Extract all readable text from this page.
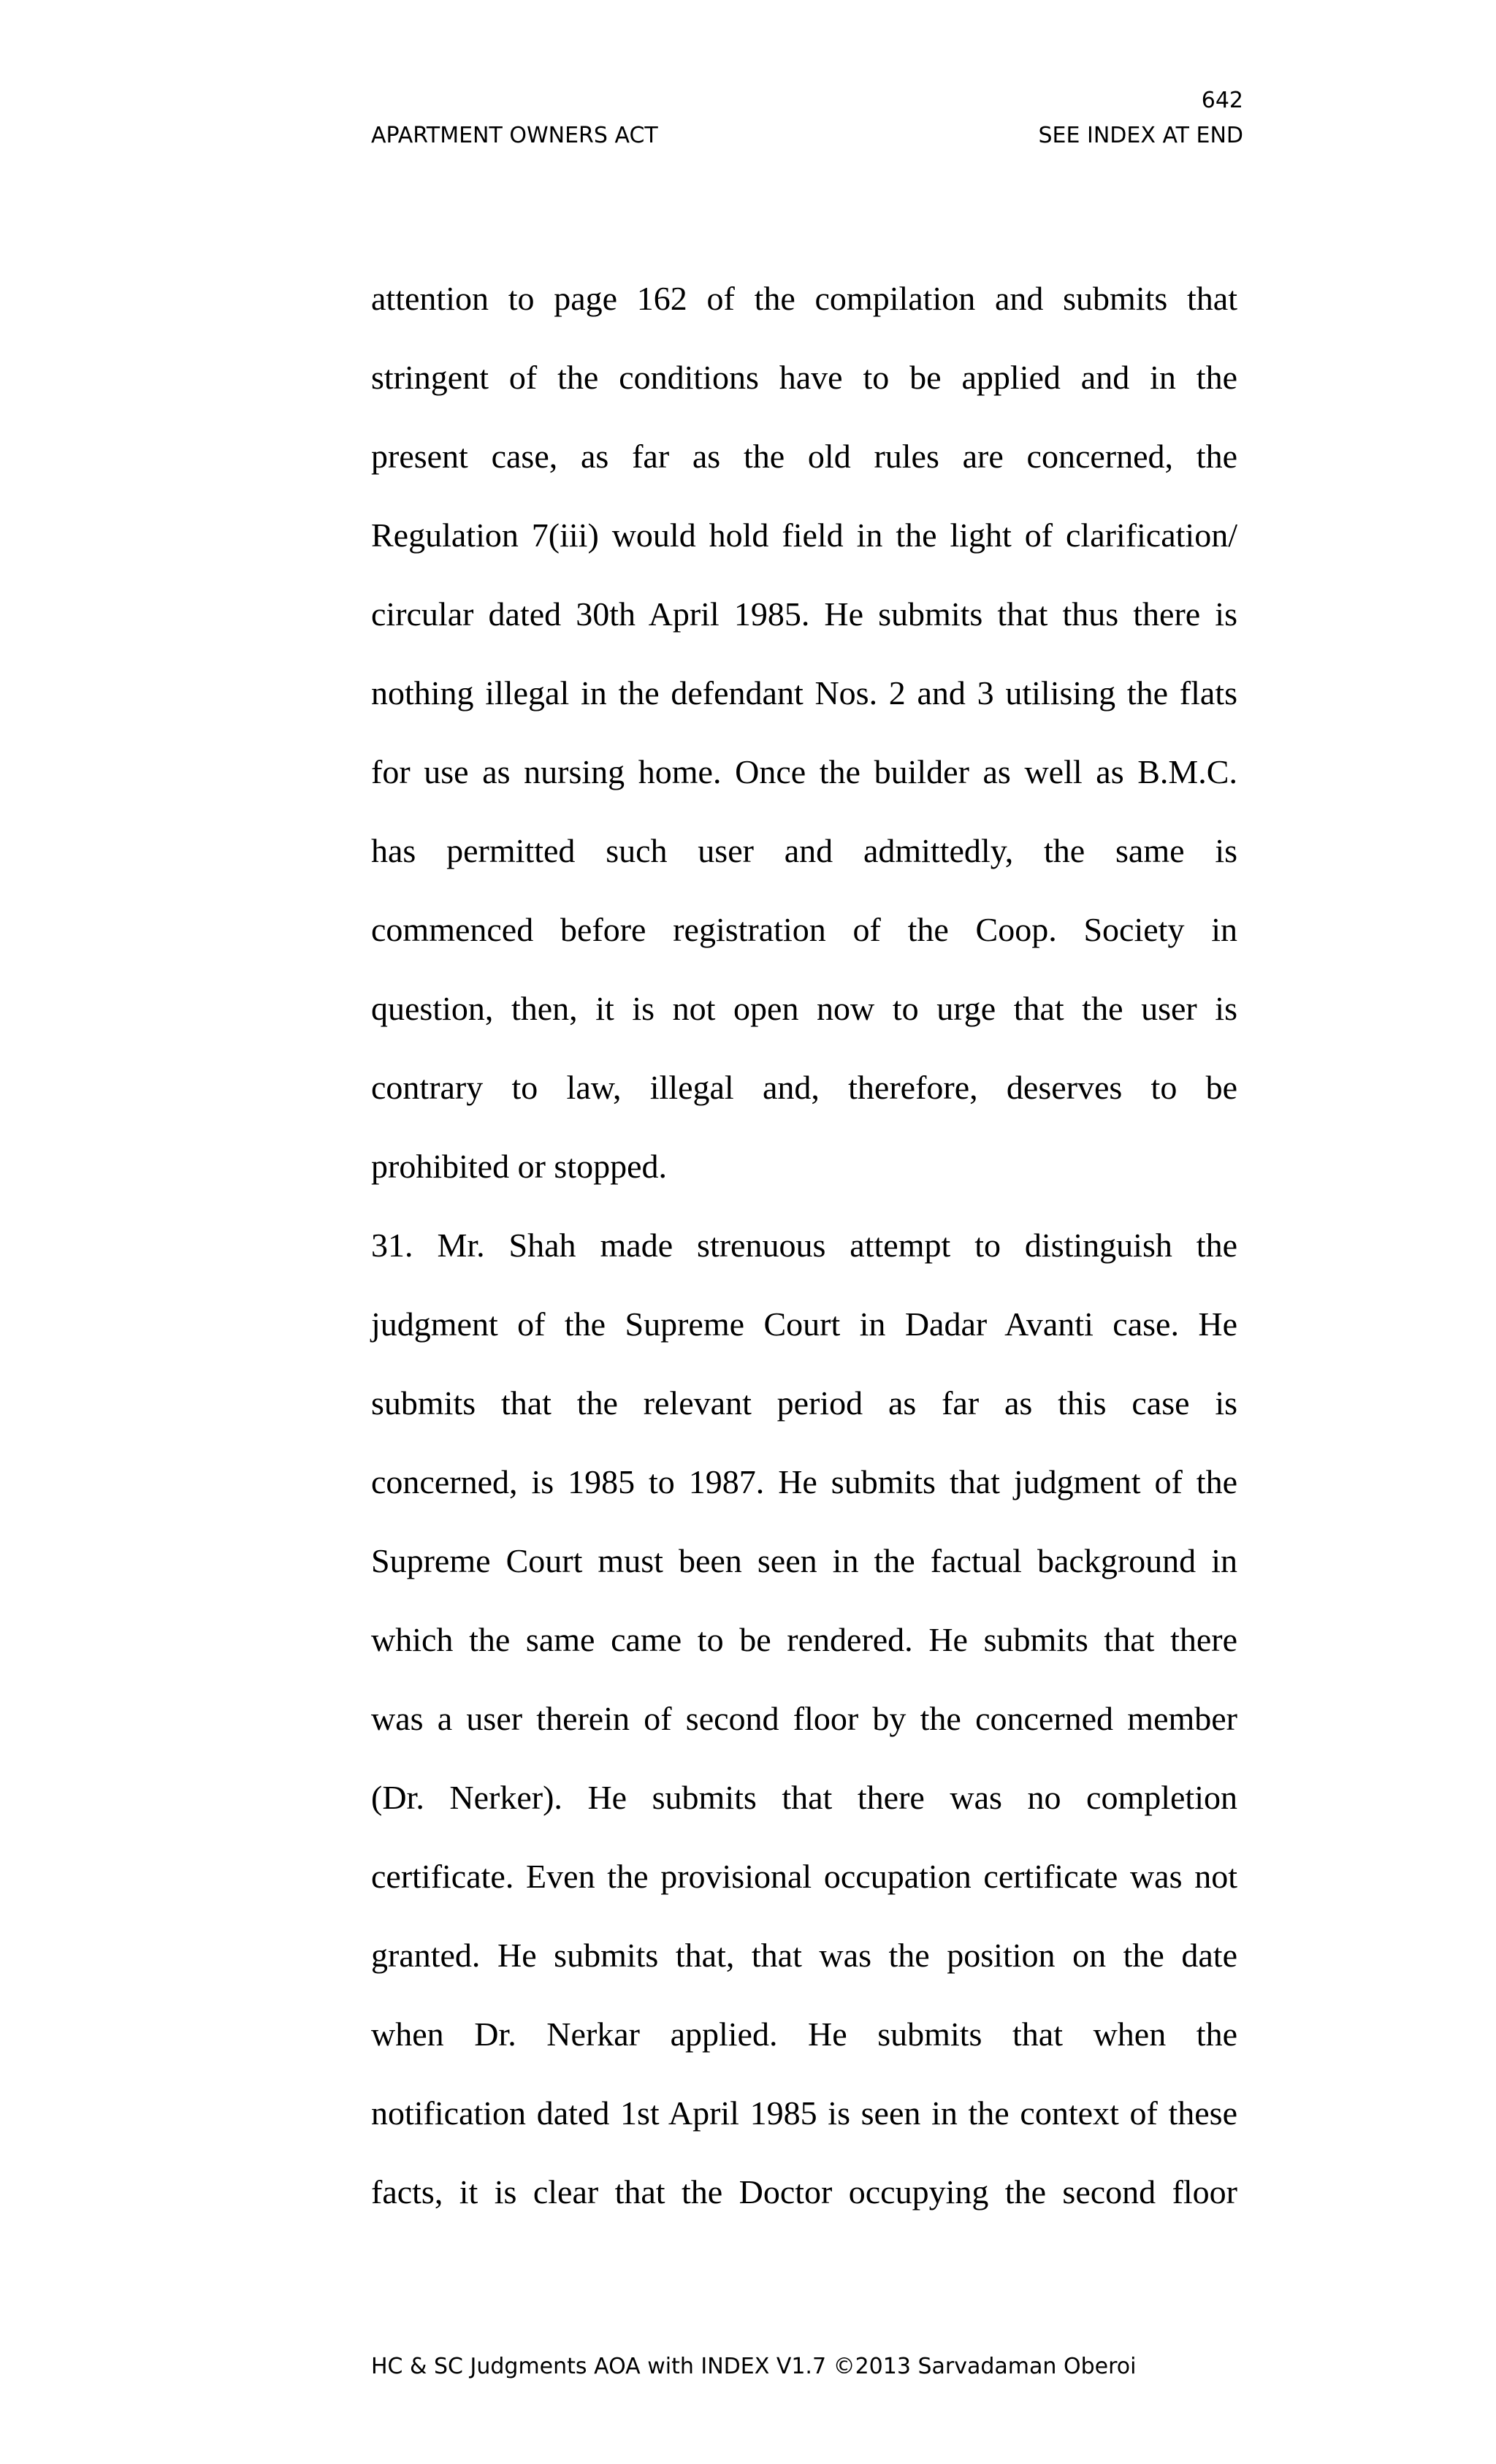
642
APARTMENT OWNERS ACT	SEE INDEX AT END
attention to page 162 of the compilation and submits that
stringent of the conditions have to be applied and in the
present case, as far as the old rules are concerned, the
Regulation 7(iii) would hold field in the light of clarification/
circular dated 30th April 1985. He submits that thus there is
nothing illegal in the defendant Nos. 2 and 3 utilising the flats
for use as nursing home. Once the builder as well as B.M.C.
has permitted such user and admittedly, the same is
commenced before registration of the Coop. Society in
question, then, it is not open now to urge that the user is
contrary to law, illegal and, therefore, deserves to be
prohibited or stopped.
31. Mr. Shah made strenuous attempt to distinguish the
judgment of the Supreme Court in Dadar Avanti case. He
submits that the relevant period as far as this case is
concerned, is 1985 to 1987. He submits that judgment of the
Supreme Court must been seen in the factual background in
which the same came to be rendered. He submits that there
was a user therein of second floor by the concerned member
(Dr. Nerker). He submits that there was no completion
certificate. Even the provisional occupation certificate was not
granted. He submits that, that was the position on the date
when Dr. Nerkar applied. He submits that when the
notification dated 1st April 1985 is seen in the context of these
facts, it is clear that the Doctor occupying the second floor
HC & SC Judgments AOA with INDEX V1.7 ©2013 Sarvadaman Oberoi
